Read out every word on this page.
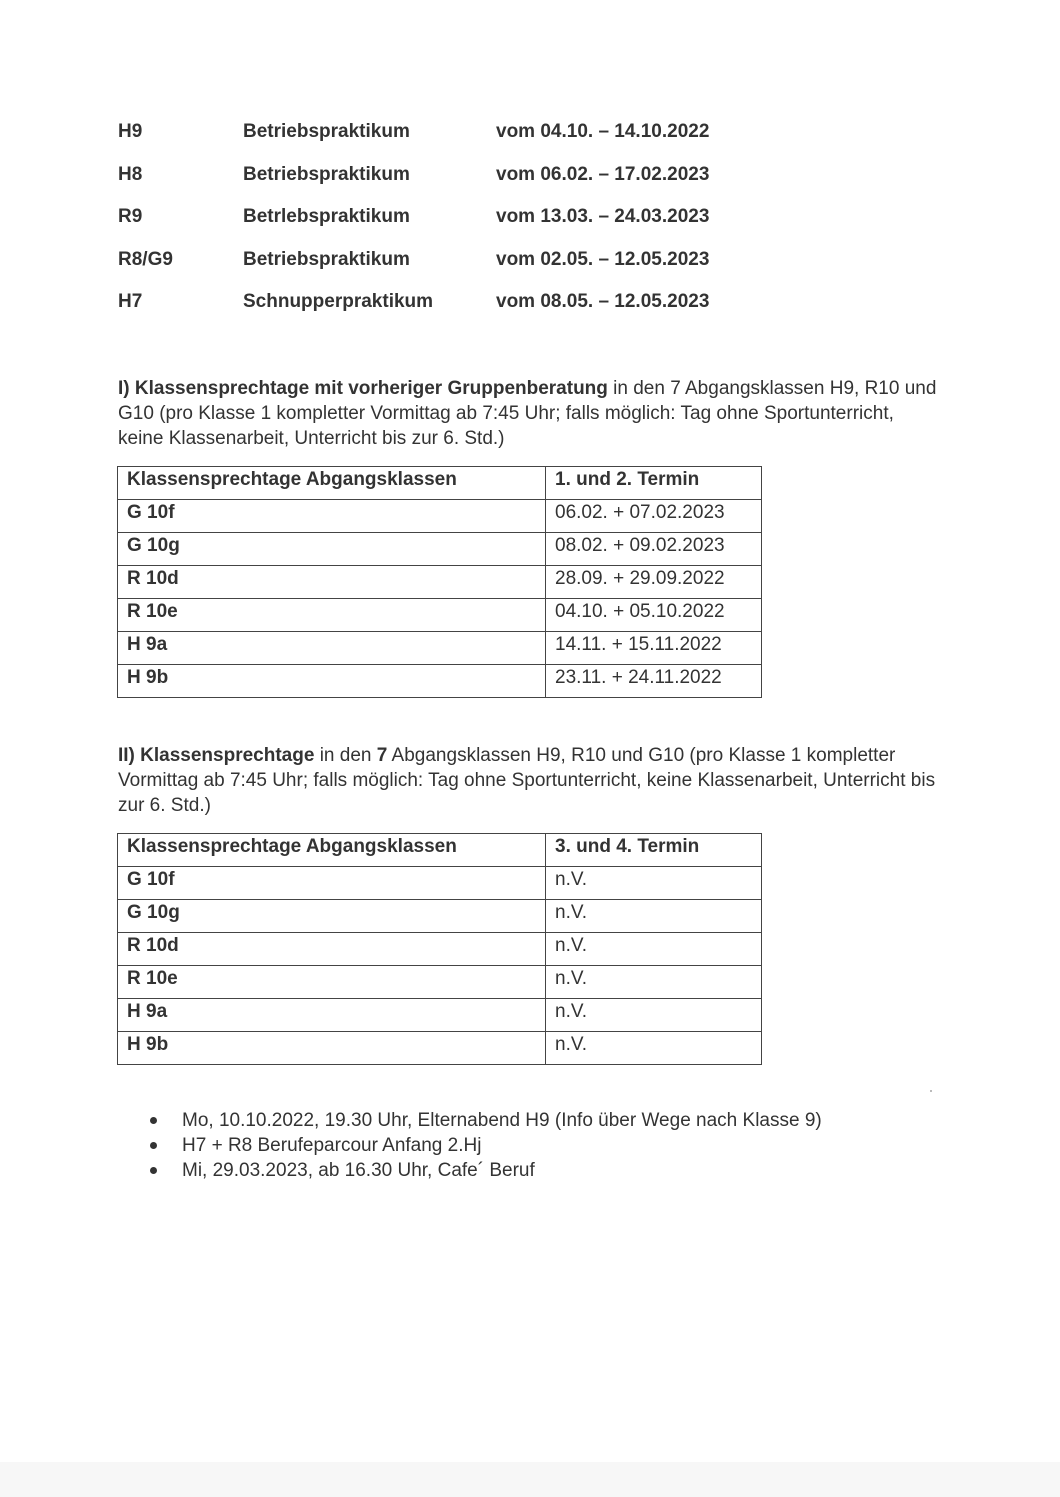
H9	Betriebspraktikum	vom 04.10. – 14.10.2022
H8	Betriebspraktikum	vom 06.02. – 17.02.2023
R9	Betrlebspraktikum	vom 13.03. – 24.03.2023
R8/G9	Betriebspraktikum	vom 02.05. – 12.05.2023
H7	Schnupperpraktikum	vom 08.05. – 12.05.2023
I) Klassensprechtage mit vorheriger Gruppenberatung in den 7 Abgangsklassen H9, R10 und G10 (pro Klasse 1 kompletter Vormittag ab 7:45 Uhr; falls möglich: Tag ohne Sportunterricht, keine Klassenarbeit, Unterricht bis zur 6. Std.)
Klassensprechtage Abgangsklassen	1. und 2. Termin
G 10f	06.02. + 07.02.2023
G 10g	08.02. + 09.02.2023
R 10d	28.09. + 29.09.2022
R 10e	04.10. + 05.10.2022
H 9a	14.11. + 15.11.2022
H 9b	23.11. + 24.11.2022
II) Klassensprechtage in den 7 Abgangsklassen H9, R10 und G10 (pro Klasse 1 kompletter Vormittag ab 7:45 Uhr; falls möglich: Tag ohne Sportunterricht, keine Klassenarbeit, Unterricht bis zur 6. Std.)
Klassensprechtage Abgangsklassen	3. und 4. Termin
G 10f	n.V.
G 10g	n.V.
R 10d	n.V.
R 10e	n.V.
H 9a	n.V.
H 9b	n.V.
Mo, 10.10.2022, 19.30 Uhr, Elternabend H9 (Info über Wege nach Klasse 9)
H7 + R8 Berufeparcour Anfang 2.Hj
Mi, 29.03.2023, ab 16.30 Uhr, Cafe´ Beruf
